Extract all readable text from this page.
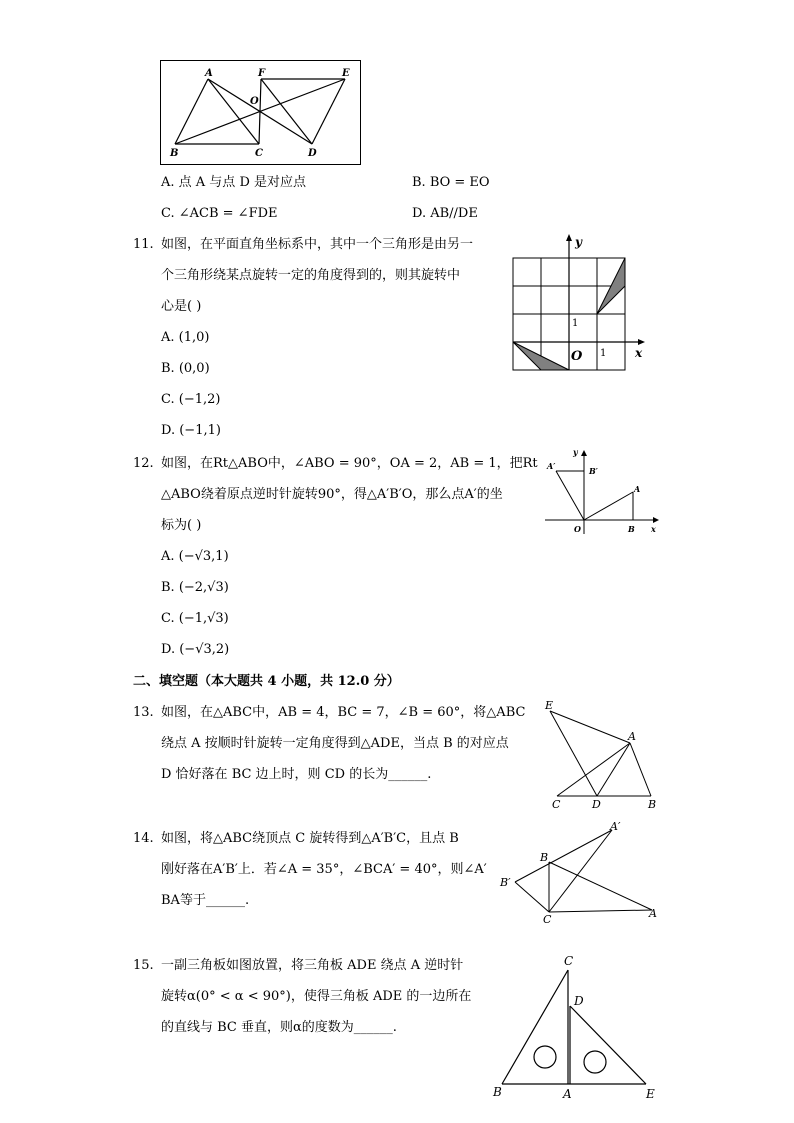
A	F	E
O
B	C	D
A. 点 A 与点 D 是对应点	B. BO = EO
C. ∠ACB = ∠FDE	D. AB//DE
11. 如图，在平面直角坐标系中，其中一个三角形是由另一
个三角形绕某点旋转一定的角度得到的，则其旋转中
心是( )
A. (1,0)
B. (0,0)
C. (−1,2)
D. (−1,1)
y
x
O 1
1
12. 如图，在Rt△ABO中，∠ABO = 90°，OA = 2，AB = 1，把Rt
△ABO绕着原点逆时针旋转90°，得△A′B′O，那么点A′的坐
标为( )
A. (−√3,1)
B. (−2,√3)
C. (−1,√3)
D. (−√3,2)
y
x
O
A
B
A′	B′
二、填空题（本大题共 4 小题，共 12.0 分）
13. 如图，在△ABC中，AB = 4，BC = 7，∠B = 60°，将△ABC
绕点 A 按顺时针旋转一定角度得到△ADE，当点 B 的对应点
D 恰好落在 BC 边上时，则 CD 的长为______.
E
A
C	D	B
14. 如图，将△ABC绕顶点 C 旋转得到△A′B′C，且点 B
刚好落在A′B′上．若∠A = 35°，∠BCA′ = 40°，则∠A′
BA等于______.
A′
B
B′
C	A
15. 一副三角板如图放置，将三角板 ADE 绕点 A 逆时针
旋转α(0° < α < 90°)，使得三角板 ADE 的一边所在
的直线与 BC 垂直，则α的度数为______.
C
D
B	A	E
